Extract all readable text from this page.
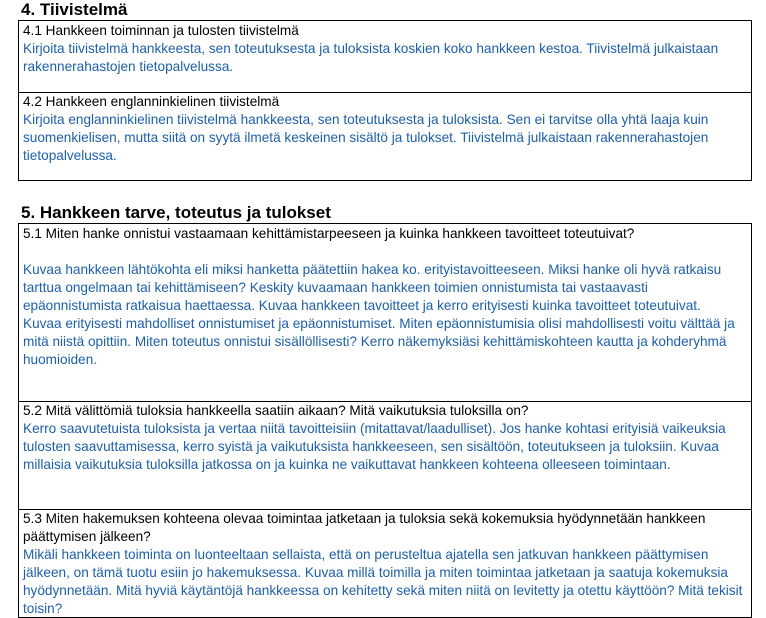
4. Tiivistelmä
4.1 Hankkeen toiminnan ja tulosten tiivistelmä
Kirjoita tiivistelmä hankkeesta, sen toteutuksesta ja tuloksista koskien koko hankkeen kestoa. Tiivistelmä julkaistaan rakennerahastojen tietopalvelussa.
4.2 Hankkeen englanninkielinen tiivistelmä
Kirjoita englanninkielinen tiivistelmä hankkeesta, sen toteutuksesta ja tuloksista. Sen ei tarvitse olla yhtä laaja kuin suomenkielisen, mutta siitä on syytä ilmetä keskeinen sisältö ja tulokset. Tiivistelmä julkaistaan rakennerahastojen tietopalvelussa.
5. Hankkeen tarve, toteutus ja tulokset
5.1 Miten hanke onnistui vastaamaan kehittämistarpeeseen ja kuinka hankkeen tavoitteet toteutuivat?
Kuvaa hankkeen lähtökohta eli miksi hanketta päätettiin hakea ko. erityistavoitteeseen. Miksi hanke oli hyvä ratkaisu tarttua ongelmaan tai kehittämiseen? Keskity kuvaamaan hankkeen toimien onnistumista tai vastaavasti epäonnistumista ratkaisua haettaessa. Kuvaa hankkeen tavoitteet ja kerro erityisesti kuinka tavoitteet toteutuivat.
Kuvaa erityisesti mahdolliset onnistumiset ja epäonnistumiset. Miten epäonnistumisia olisi mahdollisesti voitu välttää ja mitä niistä opittiin. Miten toteutus onnistui sisällöllisesti? Kerro näkemyksiäsi kehittämiskohteen kautta ja kohderyhmä huomioiden.
5.2 Mitä välittömiä tuloksia hankkeella saatiin aikaan? Mitä vaikutuksia tuloksilla on?
Kerro saavutetuista tuloksista ja vertaa niitä tavoitteisiin (mitattavat/laadulliset). Jos hanke kohtasi erityisiä vaikeuksia tulosten saavuttamisessa, kerro syistä ja vaikutuksista hankkeeseen, sen sisältöön, toteutukseen ja tuloksiin. Kuvaa millaisia vaikutuksia tuloksilla jatkossa on ja kuinka ne vaikuttavat hankkeen kohteena olleeseen toimintaan.
5.3 Miten hakemuksen kohteena olevaa toimintaa jatketaan ja tuloksia sekä kokemuksia hyödynnetään hankkeen päättymisen jälkeen?
Mikäli hankkeen toiminta on luonteeltaan sellaista, että on perusteltua ajatella sen jatkuvan hankkeen päättymisen jälkeen, on tämä tuotu esiin jo hakemuksessa. Kuvaa millä toimilla ja miten toimintaa jatketaan ja saatuja kokemuksia hyödynnetään. Mitä hyviä käytäntöjä hankkeessa on kehitetty sekä miten niitä on levitetty ja otettu käyttöön? Mitä tekisit toisin?
